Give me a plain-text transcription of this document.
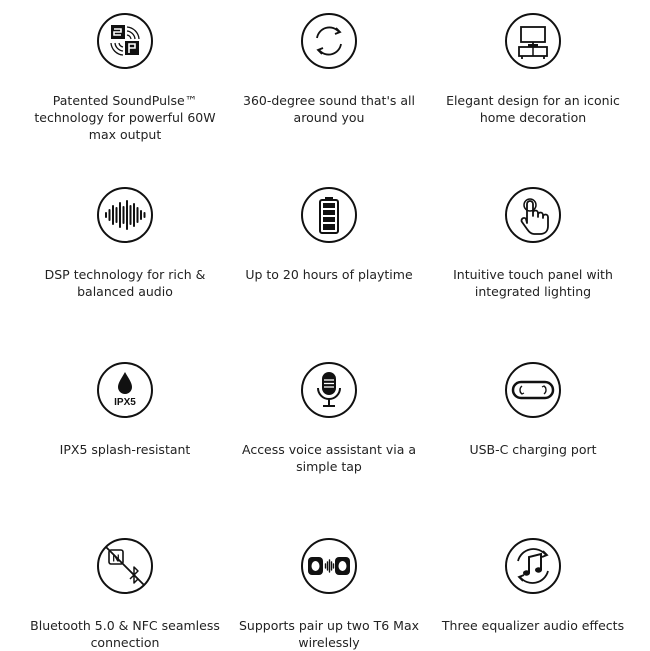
Patented SoundPulse™ technology for powerful 60W max output
360-degree sound that's all around you
Elegant design for an iconic home decoration
DSP technology for rich & balanced audio
Up to 20 hours of playtime	Intuitive touch panel with integrated lighting
IPX5
IPX5 splash-resistant	Access voice assistant via a simple tap
USB-C charging port
N
Bluetooth 5.0 & NFC seamless connection
Supports pair up two T6 Max wirelessly
Three equalizer audio effects
